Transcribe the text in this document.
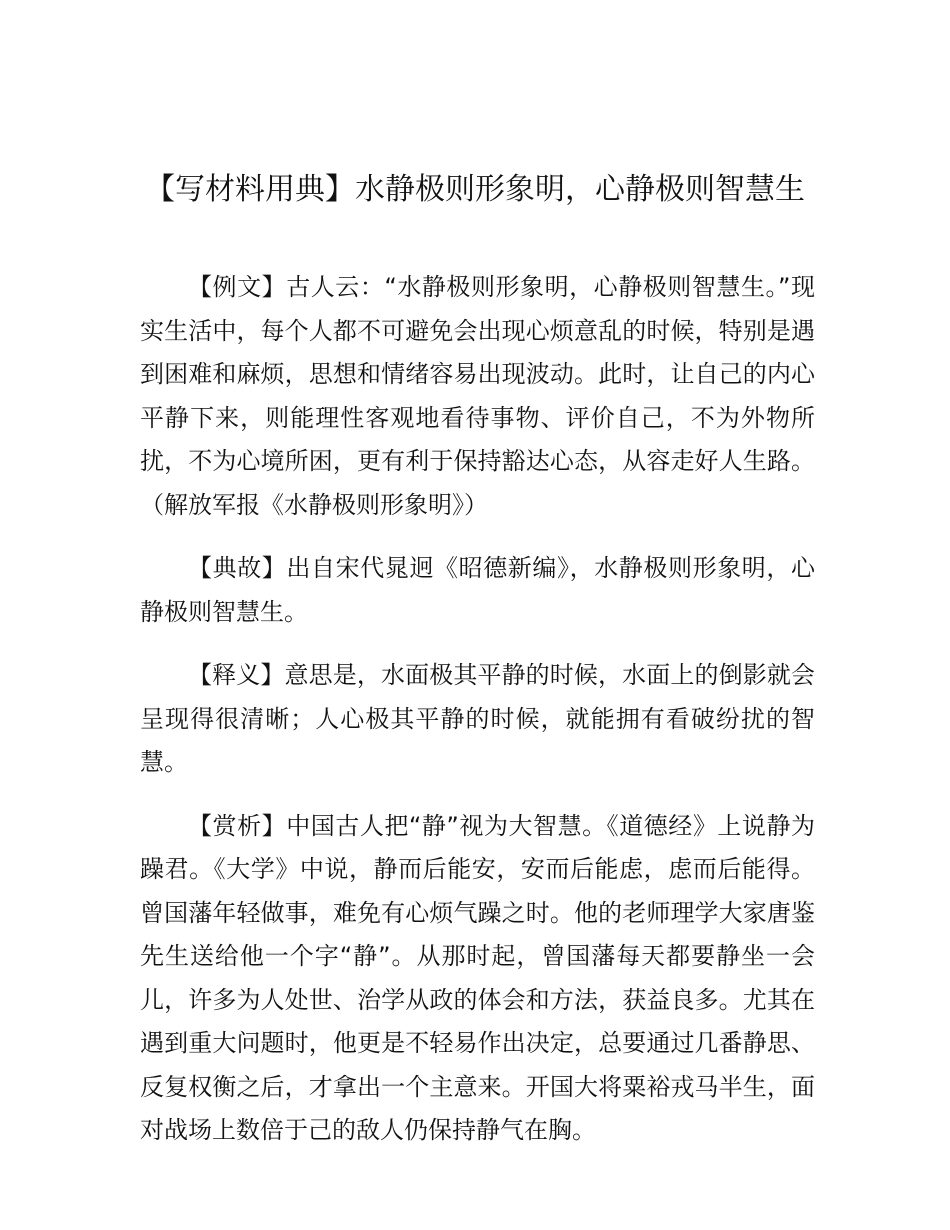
【写材料用典】水静极则形象明，心静极则智慧生

【例文】古人云：“水静极则形象明，心静极则智慧生。”现实生活中，每个人都不可避免会出现心烦意乱的时候，特别是遇到困难和麻烦，思想和情绪容易出现波动。此时，让自己的内心平静下来，则能理性客观地看待事物、评价自己，不为外物所扰，不为心境所困，更有利于保持豁达心态，从容走好人生路。（解放军报《水静极则形象明》）

【典故】出自宋代晁迥《昭德新编》，水静极则形象明，心静极则智慧生。

【释义】意思是，水面极其平静的时候，水面上的倒影就会呈现得很清晰；人心极其平静的时候，就能拥有看破纷扰的智慧。

【赏析】中国古人把“静”视为大智慧。《道德经》上说静为躁君。《大学》中说，静而后能安，安而后能虑，虑而后能得。曾国藩年轻做事，难免有心烦气躁之时。他的老师理学大家唐鉴先生送给他一个字“静”。从那时起，曾国藩每天都要静坐一会儿，许多为人处世、治学从政的体会和方法，获益良多。尤其在遇到重大问题时，他更是不轻易作出决定，总要通过几番静思、反复权衡之后，才拿出一个主意来。开国大将粟裕戎马半生，面对战场上数倍于己的敌人仍保持静气在胸。
